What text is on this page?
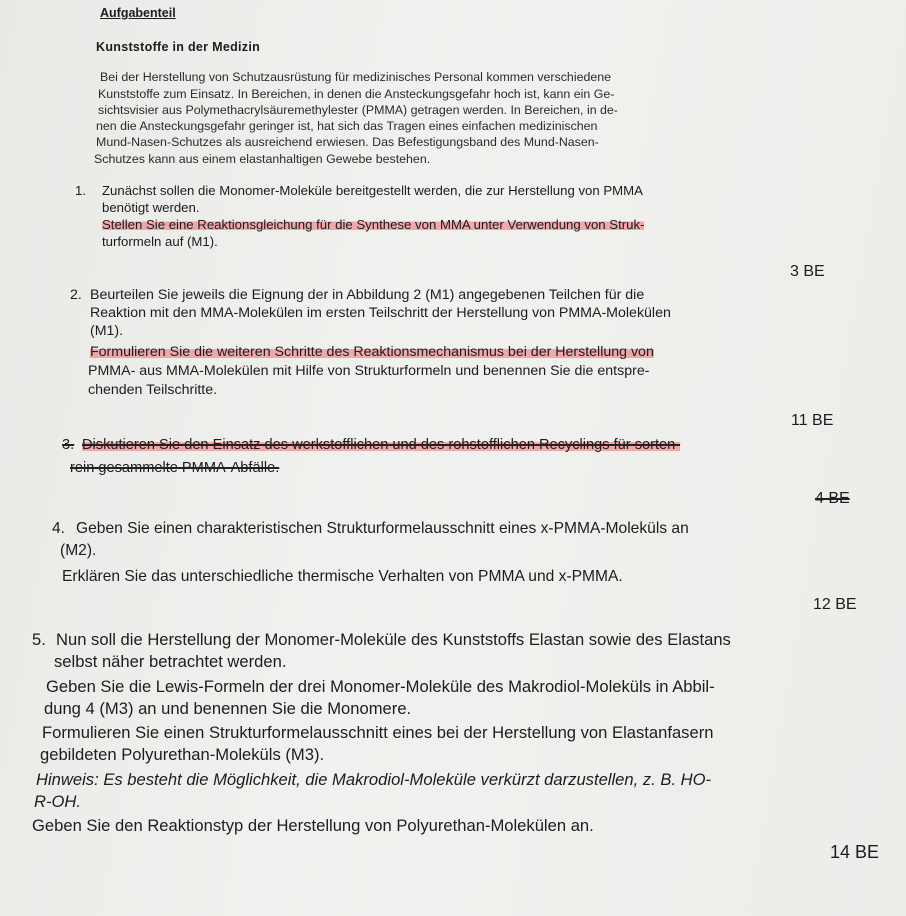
Aufgabenteil
Kunststoffe in der Medizin
Bei der Herstellung von Schutzausrüstung für medizinisches Personal kommen verschiedene
Kunststoffe zum Einsatz. In Bereichen, in denen die Ansteckungsgefahr hoch ist, kann ein Ge-
sichtsvisier aus Polymethacrylsäuremethylester (PMMA) getragen werden. In Bereichen, in de-
nen die Ansteckungsgefahr geringer ist, hat sich das Tragen eines einfachen medizinischen
Mund-Nasen-Schutzes als ausreichend erwiesen. Das Befestigungsband des Mund-Nasen-
Schutzes kann aus einem elastanhaltigen Gewebe bestehen.
1. Zunächst sollen die Monomer-Moleküle bereitgestellt werden, die zur Herstellung von PMMA
benötigt werden.
Stellen Sie eine Reaktionsgleichung für die Synthese von MMA unter Verwendung von Struk-
turformeln auf (M1).
3 BE
2. Beurteilen Sie jeweils die Eignung der in Abbildung 2 (M1) angegebenen Teilchen für die
Reaktion mit den MMA-Molekülen im ersten Teilschritt der Herstellung von PMMA-Molekülen
(M1).
Formulieren Sie die weiteren Schritte des Reaktionsmechanismus bei der Herstellung von
PMMA- aus MMA-Molekülen mit Hilfe von Strukturformeln und benennen Sie die entspre-
chenden Teilschritte.
11 BE
3. Diskutieren Sie den Einsatz des werkstofflichen und des rohstofflichen Recyclings für sorten-
rein gesammelte PMMA-Abfälle.
4 BE
4. Geben Sie einen charakteristischen Strukturformelausschnitt eines x-PMMA-Moleküls an
(M2).
Erklären Sie das unterschiedliche thermische Verhalten von PMMA und x-PMMA.
12 BE
5. Nun soll die Herstellung der Monomer-Moleküle des Kunststoffs Elastan sowie des Elastans
selbst näher betrachtet werden.
Geben Sie die Lewis-Formeln der drei Monomer-Moleküle des Makrodiol-Moleküls in Abbil-
dung 4 (M3) an und benennen Sie die Monomere.
Formulieren Sie einen Strukturformelausschnitt eines bei der Herstellung von Elastanfasern
gebildeten Polyurethan-Moleküls (M3).
Hinweis: Es besteht die Möglichkeit, die Makrodiol-Moleküle verkürzt darzustellen, z. B. HO-
R-OH.
Geben Sie den Reaktionstyp der Herstellung von Polyurethan-Molekülen an.
14 BE
